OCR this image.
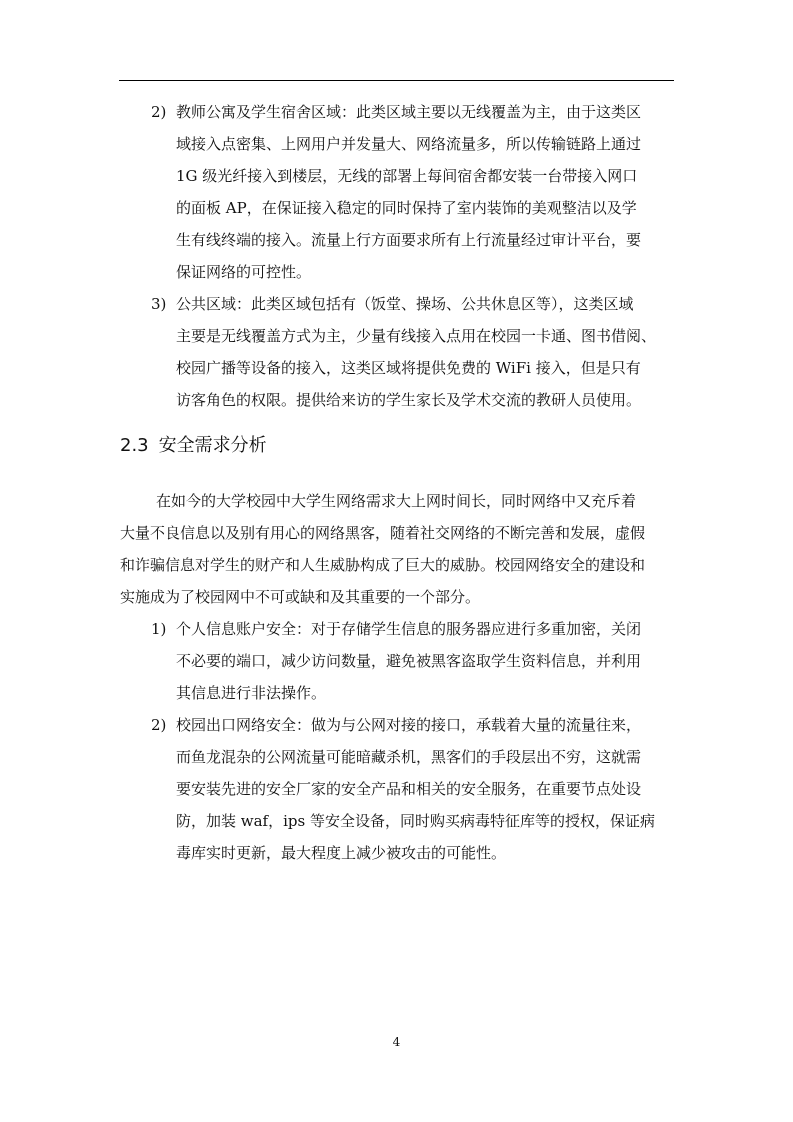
2) 教师公寓及学生宿舍区域：此类区域主要以无线覆盖为主，由于这类区
域接入点密集、上网用户并发量大、网络流量多，所以传输链路上通过
1G 级光纤接入到楼层，无线的部署上每间宿舍都安装一台带接入网口
的面板 AP，在保证接入稳定的同时保持了室内装饰的美观整洁以及学
生有线终端的接入。流量上行方面要求所有上行流量经过审计平台，要
保证网络的可控性。
3) 公共区域：此类区域包括有（饭堂、操场、公共休息区等），这类区域
主要是无线覆盖方式为主，少量有线接入点用在校园一卡通、图书借阅、
校园广播等设备的接入，这类区域将提供免费的 WiFi 接入，但是只有
访客角色的权限。提供给来访的学生家长及学术交流的教研人员使用。
2.3 安全需求分析
在如今的大学校园中大学生网络需求大上网时间长，同时网络中又充斥着
大量不良信息以及别有用心的网络黑客，随着社交网络的不断完善和发展，虚假
和诈骗信息对学生的财产和人生威胁构成了巨大的威胁。校园网络安全的建设和
实施成为了校园网中不可或缺和及其重要的一个部分。
1) 个人信息账户安全：对于存储学生信息的服务器应进行多重加密，关闭
不必要的端口，减少访问数量，避免被黑客盗取学生资料信息，并利用
其信息进行非法操作。
2) 校园出口网络安全：做为与公网对接的接口，承载着大量的流量往来，
而鱼龙混杂的公网流量可能暗藏杀机，黑客们的手段层出不穷，这就需
要安装先进的安全厂家的安全产品和相关的安全服务，在重要节点处设
防，加装 waf，ips 等安全设备，同时购买病毒特征库等的授权，保证病
毒库实时更新，最大程度上减少被攻击的可能性。
4
